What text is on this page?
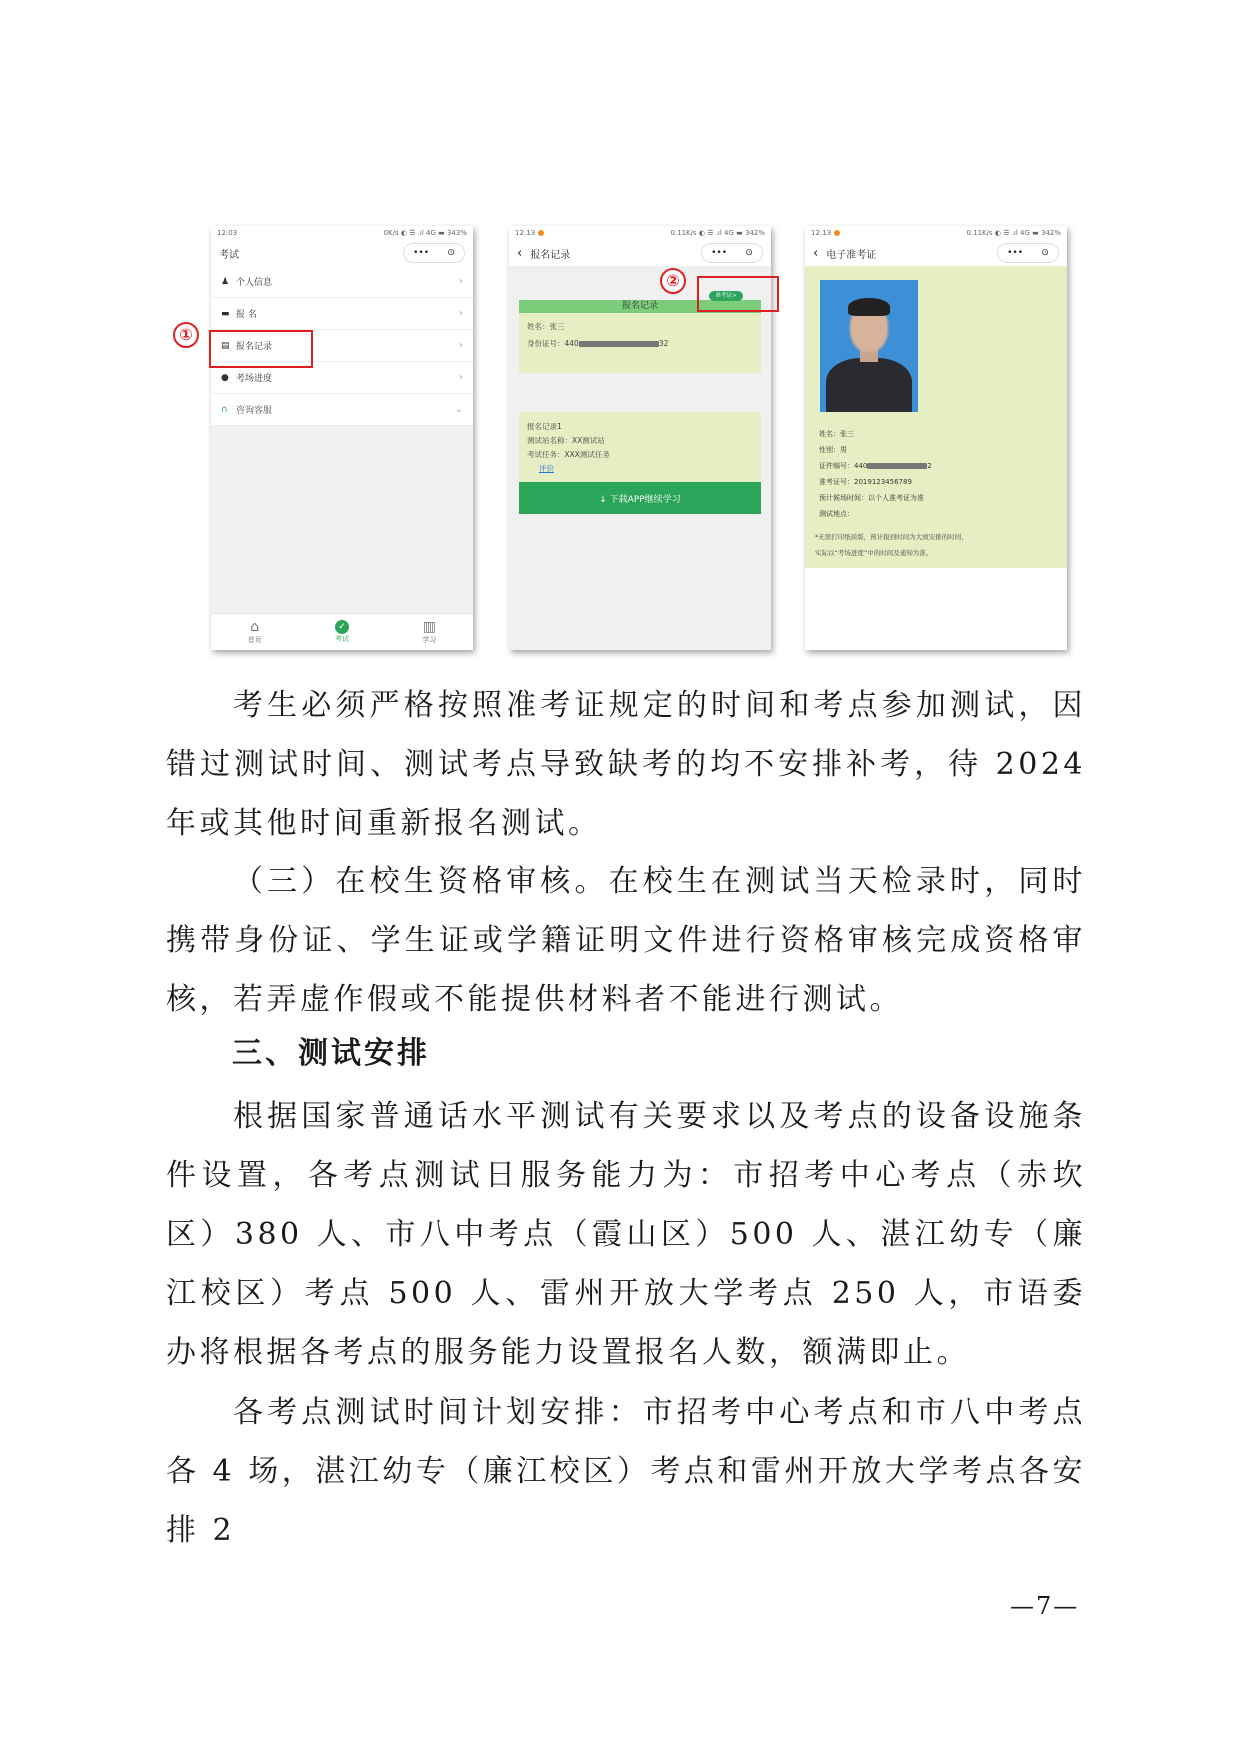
12:03	0K/s ◐ ☰ .ıl 4G ▬ 343%
考试	••• ⊙
♟ 个人信息	›
▬ 报 名	›
▤ 报名记录	›
● 考场进度	›
∩ 咨询客服	⌄
⌂
首页
✓
考试
▥
学习
①
12:13	0.11K/s ◐ ☰ .ıl 4G ▬ 342%
‹ 报名记录	••• ⊙
报名记录
姓名：张三
身份证号：440	32
准考证>
报名记录1
测试站名称：XX测试站
考试任务：XXX测试任务
评价
↓ 下载APP继续学习
②
12:13	0.11K/s ◐ ☰ .ıl 4G ▬ 342%
‹ 电子准考证	••• ⊙
姓名：张三
性别：男
证件编号：440	2
准考证号：2019123456789
预计候场时间：以个人准考证为准
测试地点：
*无需打印纸质版，预计报到时间为大致安排的时间，
实际以“考场进度”中的时间及通知为准。

考生必须严格按照准考证规定的时间和考点参加测试，因错过测试时间、测试考点导致缺考的均不安排补考，待 2024 年或其他时间重新报名测试。

（三）在校生资格审核。在校生在测试当天检录时，同时携带身份证、学生证或学籍证明文件进行资格审核完成资格审核，若弄虚作假或不能提供材料者不能进行测试。

三、测试安排

根据国家普通话水平测试有关要求以及考点的设备设施条件设置，各考点测试日服务能力为：市招考中心考点（赤坎区）380 人、市八中考点（霞山区）500 人、湛江幼专（廉江校区）考点 500 人、雷州开放大学考点 250 人，市语委办将根据各考点的服务能力设置报名人数，额满即止。

各考点测试时间计划安排：市招考中心考点和市八中考点各 4 场，湛江幼专（廉江校区）考点和雷州开放大学考点各安排 2

—7—
